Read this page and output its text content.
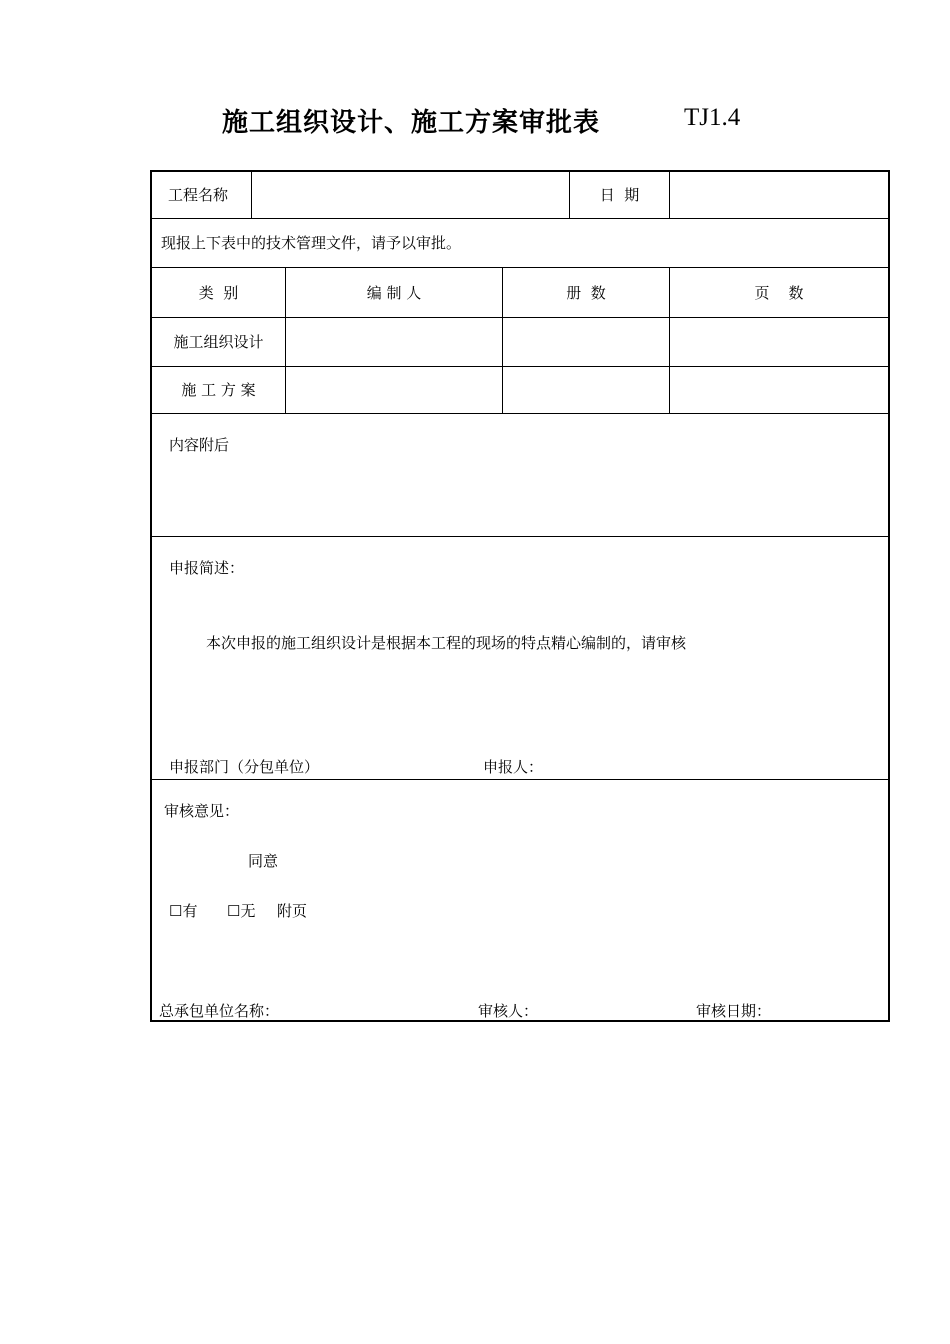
施工组织设计、施工方案审批表	TJ1.4
工程名称	日  期
现报上下表中的技术管理文件，请予以审批。
类  别	编 制 人	册  数	页    数
施工组织设计
施 工 方 案
内容附后
申报简述：
本次申报的施工组织设计是根据本工程的现场的特点精心编制的，请审核
申报部门（分包单位）	申报人：
审核意见：
同意
☐有 ☐无 附页
总承包单位名称：	审核人：	审核日期：
